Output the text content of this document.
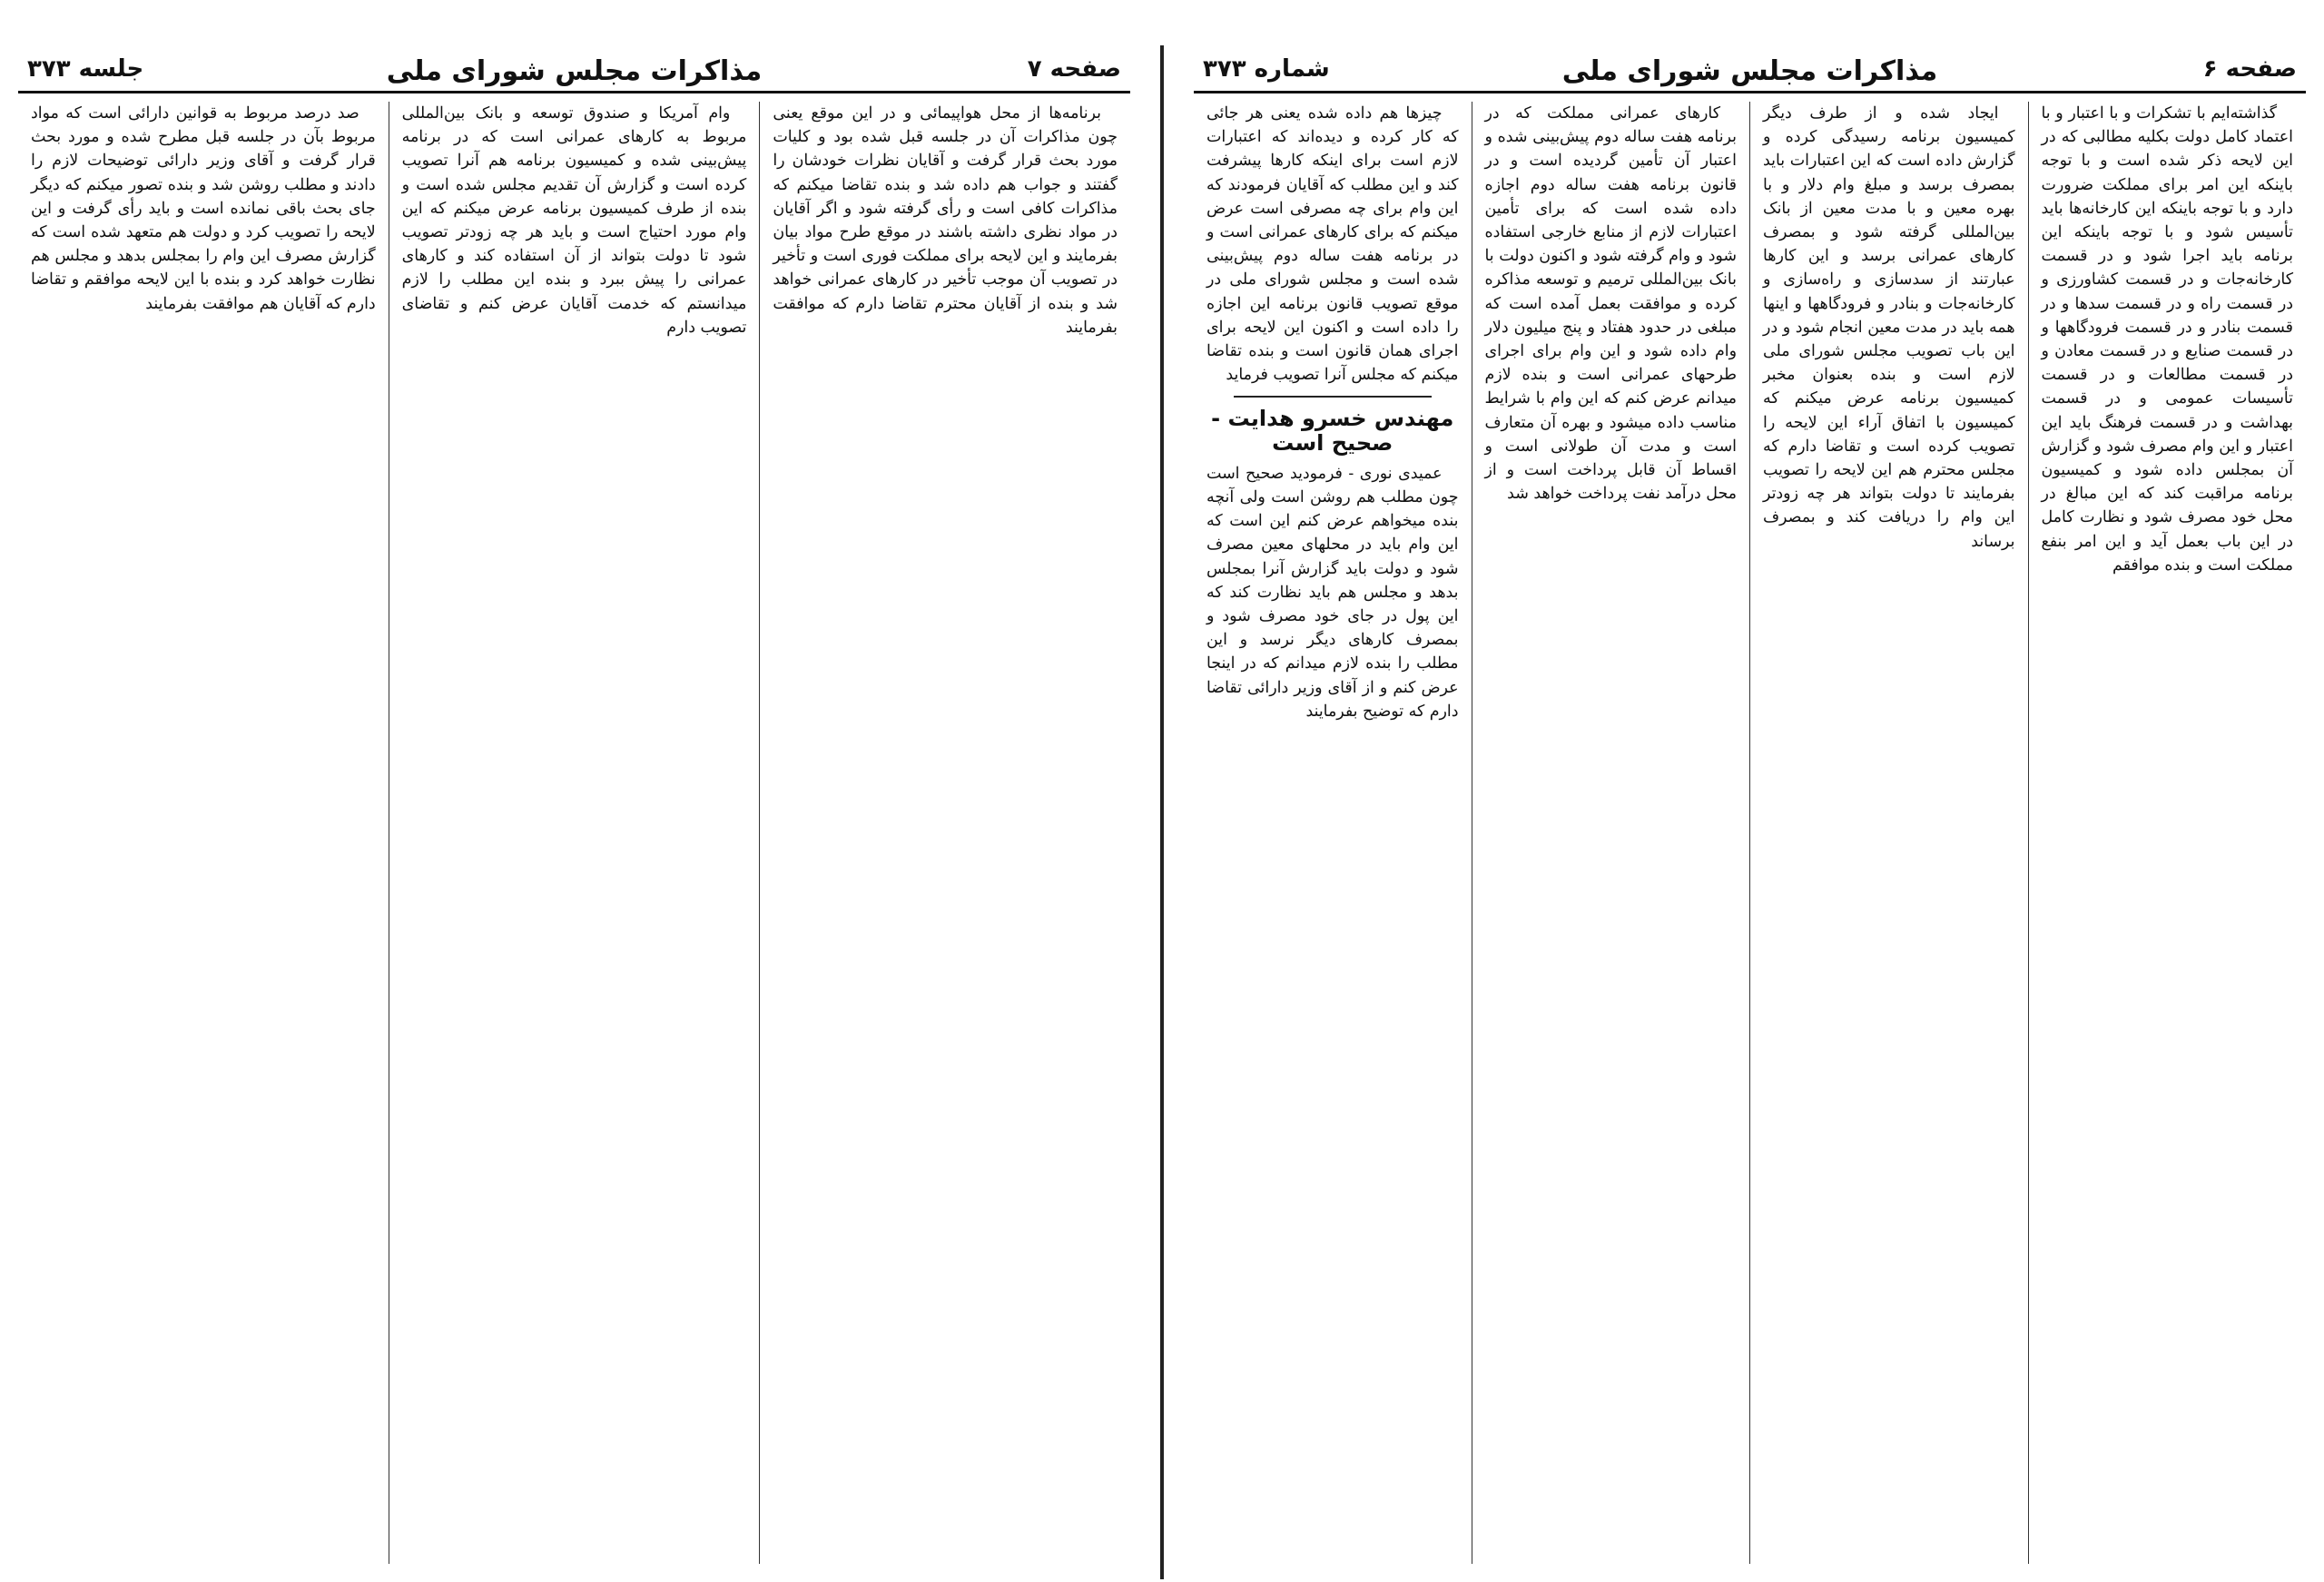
صفحه ۷
مذاکرات مجلس شورای ملی
جلسه ۳۷۳

برنامه‌ها از محل هواپیمائی و در این موقع یعنی چون مذاکرات آن در جلسه قبل شده بود و کلیات مورد بحث قرار گرفت و آقایان نظرات خودشان را گفتند و جواب هم داده شد و بنده تقاضا میکنم که مذاکرات کافی است و رأی گرفته شود و اگر آقایان در مواد نظری داشته باشند در موقع طرح مواد بیان بفرمایند و این لایحه برای مملکت فوری است و تأخیر در تصویب آن موجب تأخیر در کارهای عمرانی خواهد شد و بنده از آقایان محترم تقاضا دارم که موافقت بفرمایند

وام آمریکا و صندوق توسعه و بانک بین‌المللی مربوط به کارهای عمرانی است که در برنامه پیش‌بینی شده و کمیسیون برنامه هم آنرا تصویب کرده است و گزارش آن تقدیم مجلس شده است و بنده از طرف کمیسیون برنامه عرض میکنم که این وام مورد احتیاج است و باید هر چه زودتر تصویب شود تا دولت بتواند از آن استفاده کند و کارهای عمرانی را پیش ببرد و بنده این مطلب را لازم میدانستم که خدمت آقایان عرض کنم و تقاضای تصویب دارم

صد درصد مربوط به قوانین دارائی است که مواد مربوط بآن در جلسه قبل مطرح شده و مورد بحث قرار گرفت و آقای وزیر دارائی توضیحات لازم را دادند و مطلب روشن شد و بنده تصور میکنم که دیگر جای بحث باقی نمانده است و باید رأی گرفت و این لایحه را تصویب کرد و دولت هم متعهد شده است که گزارش مصرف این وام را بمجلس بدهد و مجلس هم نظارت خواهد کرد و بنده با این لایحه موافقم و تقاضا دارم که آقایان هم موافقت بفرمایند

صفحه ۶
مذاکرات مجلس شورای ملی
شماره ۳۷۳

گذاشته‌ایم با تشکرات و با اعتبار و با اعتماد کامل دولت بکلیه مطالبی که در این لایحه ذکر شده است و با توجه باینکه این امر برای مملکت ضرورت دارد و با توجه باینکه این کارخانه‌ها باید تأسیس شود و با توجه باینکه این برنامه باید اجرا شود و در قسمت کارخانه‌جات و در قسمت کشاورزی و در قسمت راه و در قسمت سدها و در قسمت بنادر و در قسمت فرودگاهها و در قسمت صنایع و در قسمت معادن و در قسمت مطالعات و در قسمت تأسیسات عمومی و در قسمت بهداشت و در قسمت فرهنگ باید این اعتبار و این وام مصرف شود و گزارش آن بمجلس داده شود و کمیسیون برنامه مراقبت کند که این مبالغ در محل خود مصرف شود و نظارت کامل در این باب بعمل آید و این امر بنفع مملکت است و بنده موافقم

ایجاد شده و از طرف دیگر کمیسیون برنامه رسیدگی کرده و گزارش داده است که این اعتبارات باید بمصرف برسد و مبلغ وام دلار و با بهره معین و با مدت معین از بانک بین‌المللی گرفته شود و بمصرف کارهای عمرانی برسد و این کارها عبارتند از سدسازی و راه‌سازی و کارخانه‌جات و بنادر و فرودگاهها و اینها همه باید در مدت معین انجام شود و در این باب تصویب مجلس شورای ملی لازم است و بنده بعنوان مخبر کمیسیون برنامه عرض میکنم که کمیسیون با اتفاق آراء این لایحه را تصویب کرده است و تقاضا دارم که مجلس محترم هم این لایحه را تصویب بفرمایند تا دولت بتواند هر چه زودتر این وام را دریافت کند و بمصرف برساند

کارهای عمرانی مملکت که در برنامه هفت ساله دوم پیش‌بینی شده و اعتبار آن تأمین گردیده است و در قانون برنامه هفت ساله دوم اجازه داده شده است که برای تأمین اعتبارات لازم از منابع خارجی استفاده شود و وام گرفته شود و اکنون دولت با بانک بین‌المللی ترمیم و توسعه مذاکره کرده و موافقت بعمل آمده است که مبلغی در حدود هفتاد و پنج میلیون دلار وام داده شود و این وام برای اجرای طرحهای عمرانی است و بنده لازم میدانم عرض کنم که این وام با شرایط مناسب داده میشود و بهره آن متعارف است و مدت آن طولانی است و اقساط آن قابل پرداخت است و از محل درآمد نفت پرداخت خواهد شد

چیزها هم داده شده یعنی هر جائی که کار کرده و دیده‌اند که اعتبارات لازم است برای اینکه کارها پیشرفت کند و این مطلب که آقایان فرمودند که این وام برای چه مصرفی است عرض میکنم که برای کارهای عمرانی است و در برنامه هفت ساله دوم پیش‌بینی شده است و مجلس شورای ملی در موقع تصویب قانون برنامه این اجازه را داده است و اکنون این لایحه برای اجرای همان قانون است و بنده تقاضا میکنم که مجلس آنرا تصویب فرماید

مهندس خسرو هدایت - صحیح است

عمیدی نوری - فرمودید صحیح است چون مطلب هم روشن است ولی آنچه بنده میخواهم عرض کنم این است که این وام باید در محلهای معین مصرف شود و دولت باید گزارش آنرا بمجلس بدهد و مجلس هم باید نظارت کند که این پول در جای خود مصرف شود و بمصرف کارهای دیگر نرسد و این مطلب را بنده لازم میدانم که در اینجا عرض کنم و از آقای وزیر دارائی تقاضا دارم که توضیح بفرمایند
